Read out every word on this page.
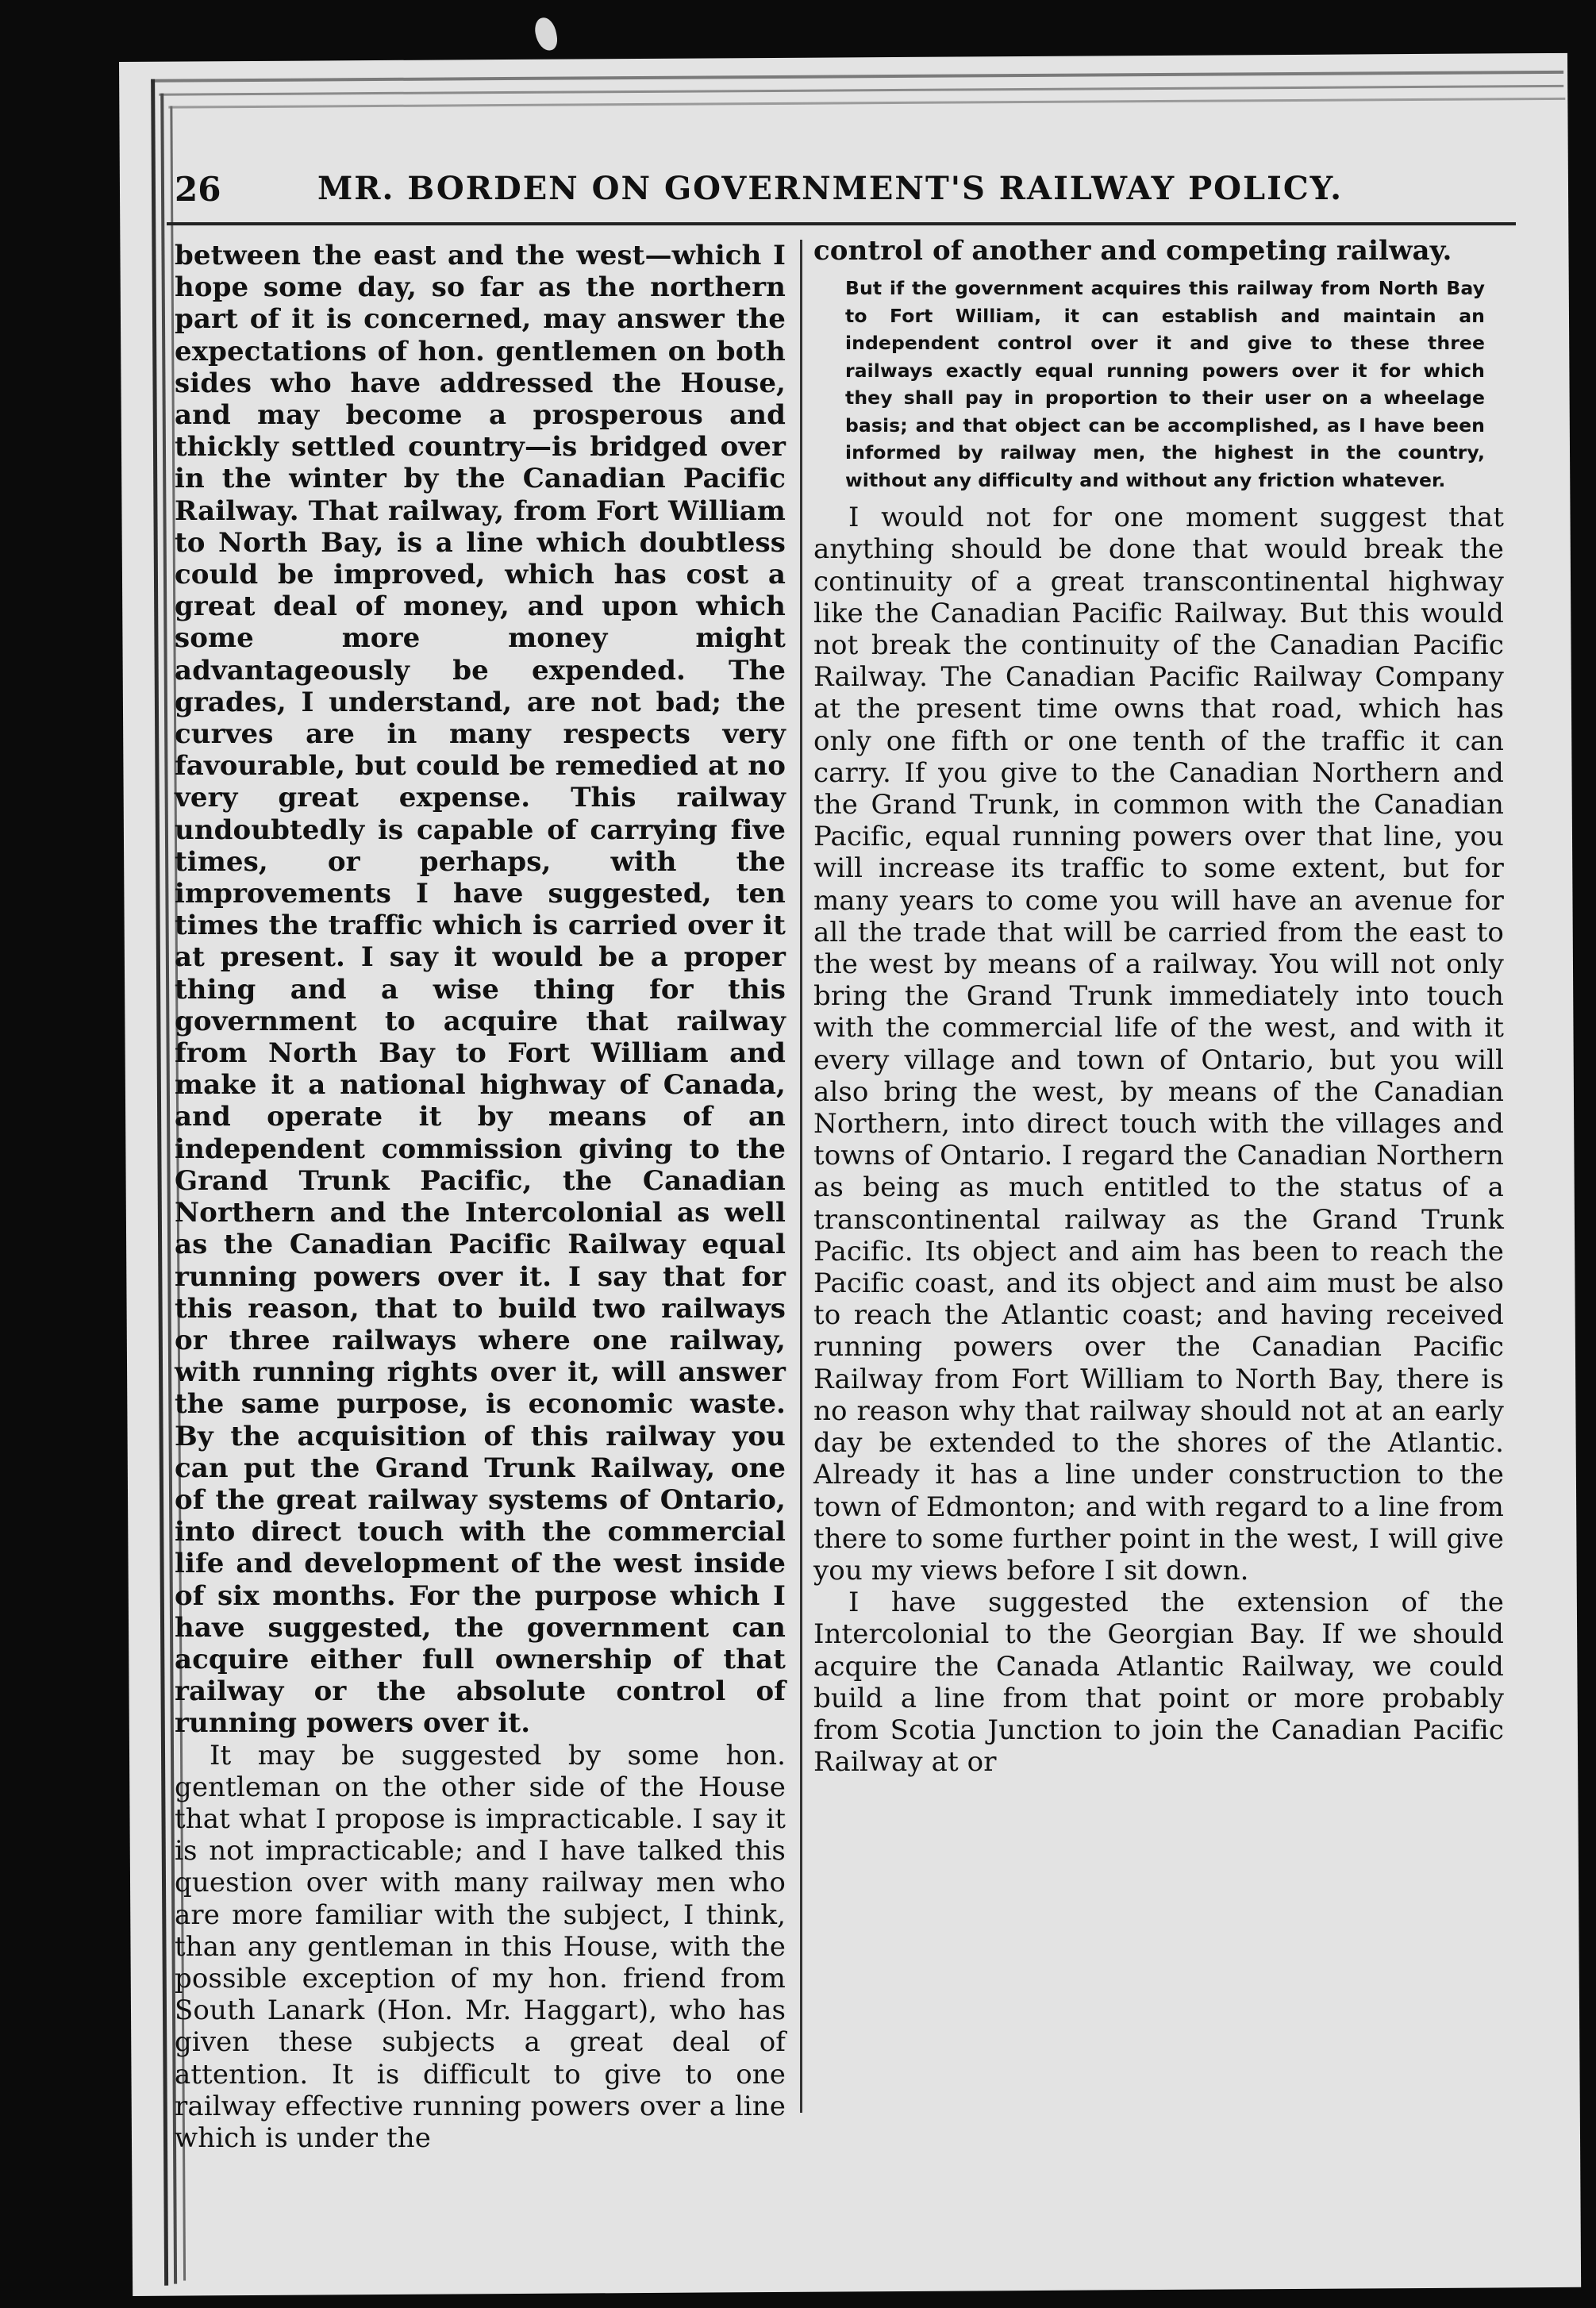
26	MR. BORDEN ON GOVERNMENT'S RAILWAY POLICY.

between the east and the west—which I hope some day, so far as the northern part of it is concerned, may answer the expectations of hon. gentlemen on both sides who have addressed the House, and may become a prosperous and thickly settled country—is bridged over in the winter by the Canadian Pacific Railway. That railway, from Fort William to North Bay, is a line which doubtless could be improved, which has cost a great deal of money, and upon which some more money might advantageously be expended. The grades, I understand, are not bad; the curves are in many respects very favourable, but could be remedied at no very great expense. This railway undoubtedly is capable of carrying five times, or perhaps, with the improvements I have suggested, ten times the traffic which is carried over it at present. I say it would be a proper thing and a wise thing for this government to acquire that railway from North Bay to Fort William and make it a national highway of Canada, and operate it by means of an independent commission giving to the Grand Trunk Pacific, the Canadian Northern and the Intercolonial as well as the Canadian Pacific Railway equal running powers over it. I say that for this reason, that to build two railways or three railways where one railway, with running rights over it, will answer the same purpose, is economic waste. By the acquisition of this railway you can put the Grand Trunk Railway, one of the great railway systems of Ontario, into direct touch with the commercial life and development of the west inside of six months. For the purpose which I have suggested, the government can acquire either full ownership of that railway or the absolute control of running powers over it.

It may be suggested by some hon. gentleman on the other side of the House that what I propose is impracticable. I say it is not impracticable; and I have talked this question over with many railway men who are more familiar with the subject, I think, than any gentleman in this House, with the possible exception of my hon. friend from South Lanark (Hon. Mr. Haggart), who has given these subjects a great deal of attention. It is difficult to give to one railway effective running powers over a line which is under the

control of another and competing railway.

But if the government acquires this railway from North Bay to Fort William, it can establish and maintain an independent control over it and give to these three railways exactly equal running powers over it for which they shall pay in proportion to their user on a wheelage basis; and that object can be accomplished, as I have been informed by railway men, the highest in the country, without any difficulty and without any friction whatever.

I would not for one moment suggest that anything should be done that would break the continuity of a great transcontinental highway like the Canadian Pacific Railway. But this would not break the continuity of the Canadian Pacific Railway. The Canadian Pacific Railway Company at the present time owns that road, which has only one fifth or one tenth of the traffic it can carry. If you give to the Canadian Northern and the Grand Trunk, in common with the Canadian Pacific, equal running powers over that line, you will increase its traffic to some extent, but for many years to come you will have an avenue for all the trade that will be carried from the east to the west by means of a railway. You will not only bring the Grand Trunk immediately into touch with the commercial life of the west, and with it every village and town of Ontario, but you will also bring the west, by means of the Canadian Northern, into direct touch with the villages and towns of Ontario. I regard the Canadian Northern as being as much entitled to the status of a transcontinental railway as the Grand Trunk Pacific. Its object and aim has been to reach the Pacific coast, and its object and aim must be also to reach the Atlantic coast; and having received running powers over the Canadian Pacific Railway from Fort William to North Bay, there is no reason why that railway should not at an early day be extended to the shores of the Atlantic. Already it has a line under construction to the town of Edmonton; and with regard to a line from there to some further point in the west, I will give you my views before I sit down.

I have suggested the extension of the Intercolonial to the Georgian Bay. If we should acquire the Canada Atlantic Railway, we could build a line from that point or more probably from Scotia Junction to join the Canadian Pacific Railway at or
